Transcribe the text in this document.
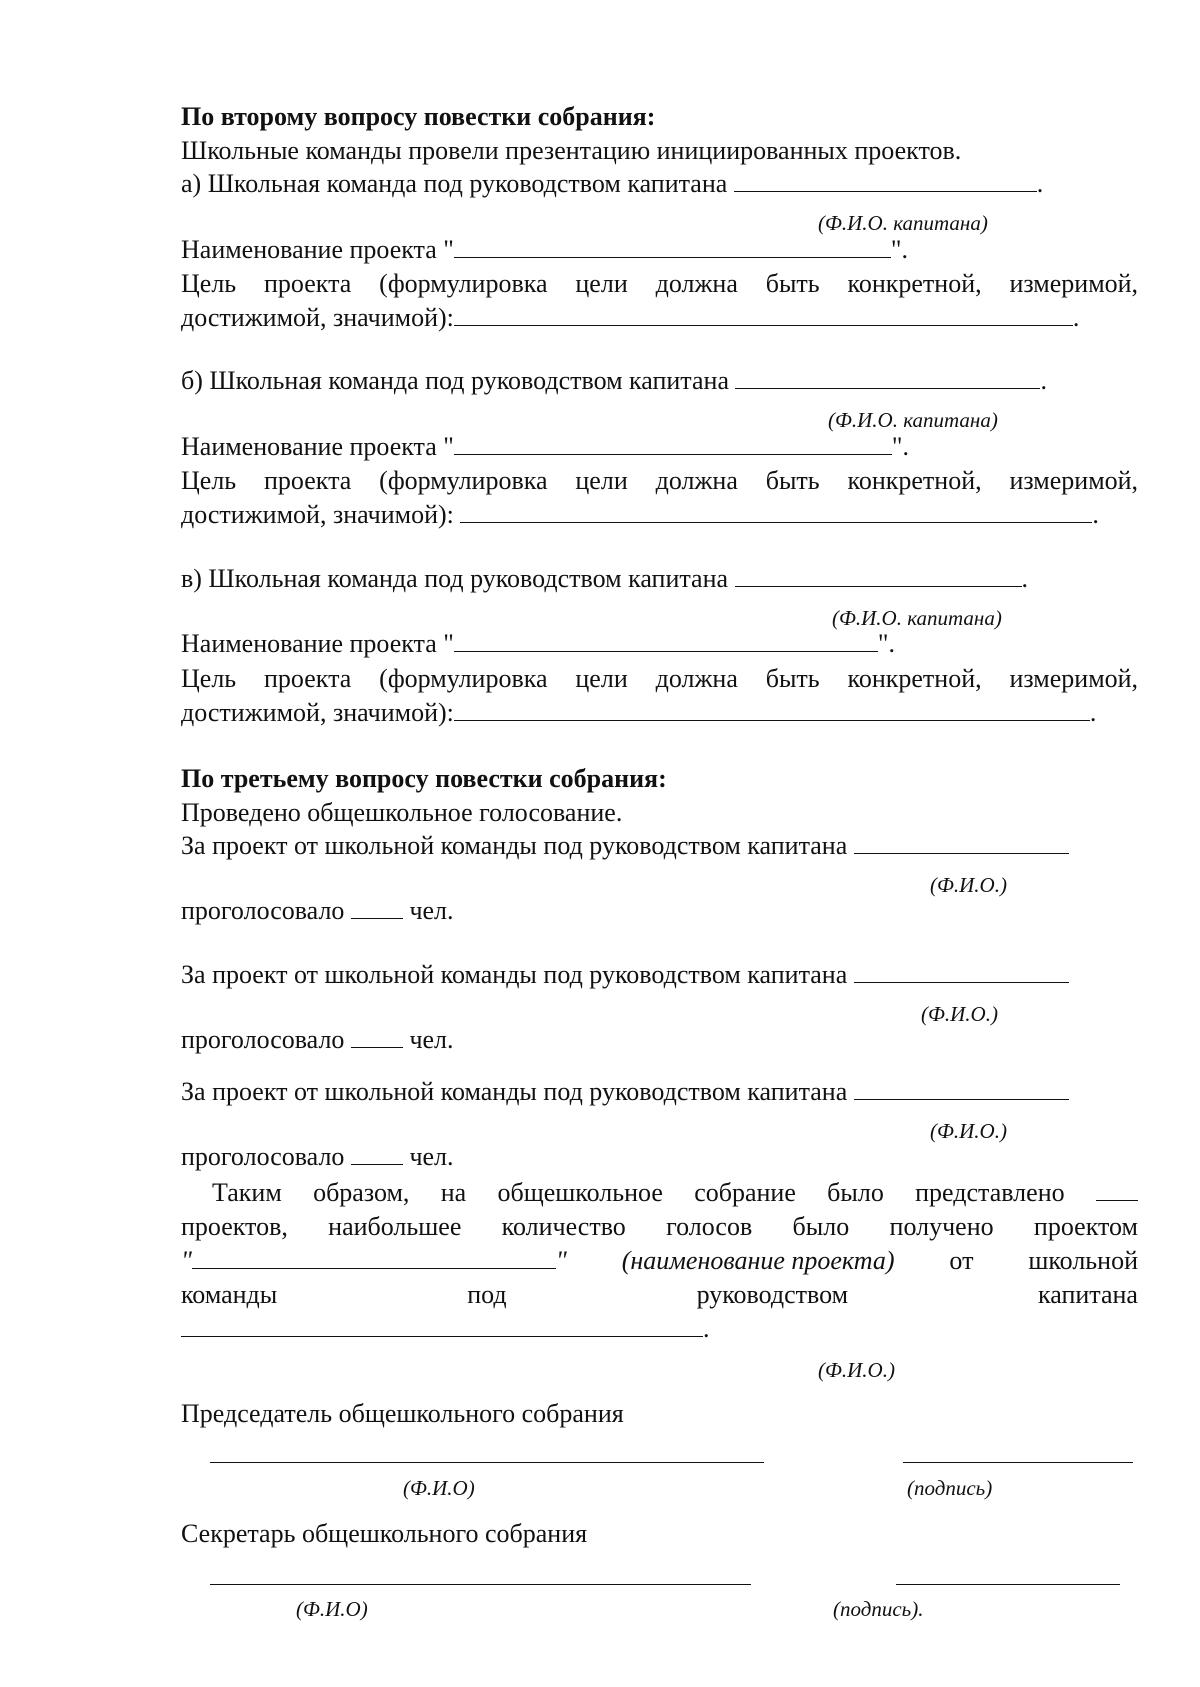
По второму вопросу повестки собрания:
Школьные команды провели презентацию инициированных проектов.
а) Школьная команда под руководством капитана	.
(Ф.И.О. капитана)
Наименование проекта "	".
Цель проекта (формулировка цели должна быть конкретной, измеримой,
достижимой, значимой):	.
б) Школьная команда под руководством капитана	.
(Ф.И.О. капитана)
Наименование проекта "	".
Цель проекта (формулировка цели должна быть конкретной, измеримой,
достижимой, значимой):	.
в) Школьная команда под руководством капитана	.
(Ф.И.О. капитана)
Наименование проекта "	".
Цель проекта (формулировка цели должна быть конкретной, измеримой,
достижимой, значимой):	.
По третьему вопросу повестки собрания:
Проведено общешкольное голосование.
За проект от школьной команды под руководством капитана
(Ф.И.О.)
проголосовало	чел.
За проект от школьной команды под руководством капитана
(Ф.И.О.)
проголосовало	чел.
За проект от школьной команды под руководством капитана
(Ф.И.О.)
проголосовало	чел.
Таким образом, на общешкольное собрание было представлено
проектов, наибольшее количество голосов было получено проектом
"	" (наименование проекта) от школьной
команды	под	руководством	капитана
.
(Ф.И.О.)
Председатель общешкольного собрания
(Ф.И.О)	(подпись)
Секретарь общешкольного собрания
(Ф.И.О)	(подпись).
